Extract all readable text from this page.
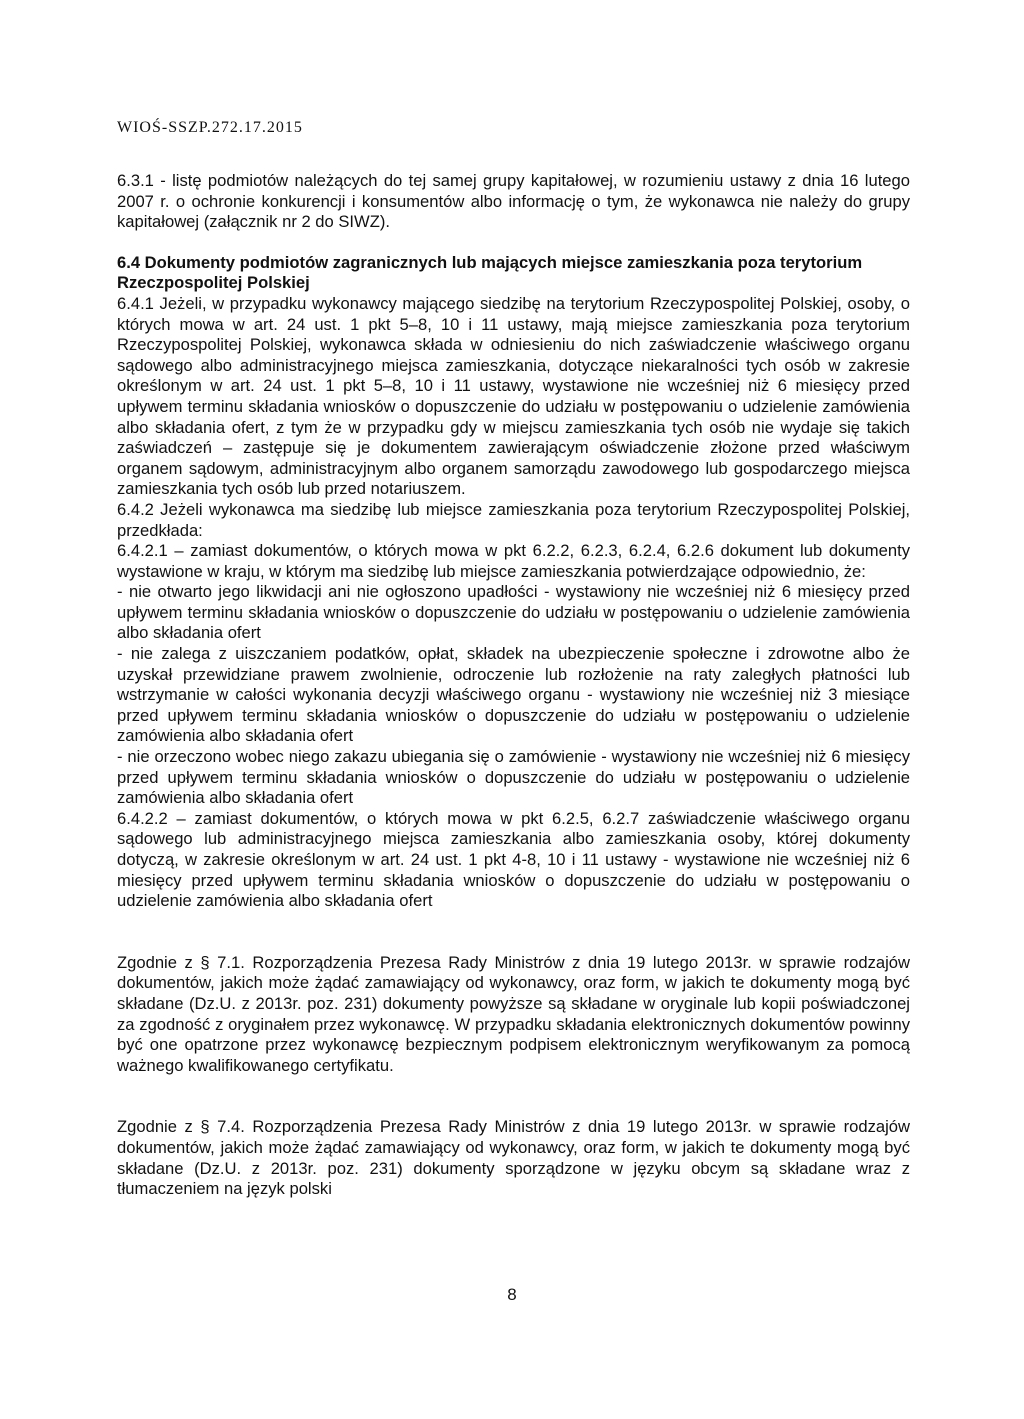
WIOŚ-SSZP.272.17.2015

6.3.1 - listę podmiotów należących do tej samej grupy kapitałowej, w rozumieniu ustawy z dnia 16 lutego 2007 r. o ochronie konkurencji i konsumentów albo informację o tym, że wykonawca nie należy do grupy kapitałowej (załącznik nr 2 do SIWZ).

6.4 Dokumenty podmiotów zagranicznych lub mających miejsce zamieszkania poza terytorium Rzeczpospolitej Polskiej

6.4.1 Jeżeli, w przypadku wykonawcy mającego siedzibę na terytorium Rzeczypospolitej Polskiej, osoby, o których mowa w art. 24 ust. 1 pkt 5–8, 10 i 11 ustawy, mają miejsce zamieszkania poza terytorium Rzeczypospolitej Polskiej, wykonawca składa w odniesieniu do nich zaświadczenie właściwego organu sądowego albo administracyjnego miejsca zamieszkania, dotyczące niekaralności tych osób w zakresie określonym w art. 24 ust. 1 pkt 5–8, 10 i 11 ustawy, wystawione nie wcześniej niż 6 miesięcy przed upływem terminu składania wniosków o dopuszczenie do udziału w postępowaniu o udzielenie zamówienia albo składania ofert, z tym że w przypadku gdy w miejscu zamieszkania tych osób nie wydaje się takich zaświadczeń – zastępuje się je dokumentem zawierającym oświadczenie złożone przed właściwym organem sądowym, administracyjnym albo organem samorządu zawodowego lub gospodarczego miejsca zamieszkania tych osób lub przed notariuszem.

6.4.2 Jeżeli wykonawca ma siedzibę lub miejsce zamieszkania poza terytorium Rzeczypospolitej Polskiej, przedkłada:

6.4.2.1 – zamiast dokumentów, o których mowa w pkt 6.2.2, 6.2.3, 6.2.4, 6.2.6 dokument lub dokumenty wystawione w kraju, w którym ma siedzibę lub miejsce zamieszkania potwierdzające odpowiednio, że:

- nie otwarto jego likwidacji ani nie ogłoszono upadłości - wystawiony nie wcześniej niż 6 miesięcy przed upływem terminu składania wniosków o dopuszczenie do udziału w postępowaniu o udzielenie zamówienia albo składania ofert

- nie zalega z uiszczaniem podatków, opłat, składek na ubezpieczenie społeczne i zdrowotne albo że uzyskał przewidziane prawem zwolnienie, odroczenie lub rozłożenie na raty zaległych płatności lub wstrzymanie w całości wykonania decyzji właściwego organu - wystawiony nie wcześniej niż 3 miesiące przed upływem terminu składania wniosków o dopuszczenie do udziału w postępowaniu o udzielenie zamówienia albo składania ofert

- nie orzeczono wobec niego zakazu ubiegania się o zamówienie - wystawiony nie wcześniej niż 6 miesięcy przed upływem terminu składania wniosków o dopuszczenie do udziału w postępowaniu o udzielenie zamówienia albo składania ofert

6.4.2.2 – zamiast dokumentów, o których mowa w pkt 6.2.5, 6.2.7 zaświadczenie właściwego organu sądowego lub administracyjnego miejsca zamieszkania albo zamieszkania osoby, której dokumenty dotyczą, w zakresie określonym w art. 24 ust. 1 pkt 4-8, 10 i 11 ustawy - wystawione nie wcześniej niż 6 miesięcy przed upływem terminu składania wniosków o dopuszczenie do udziału w postępowaniu o udzielenie zamówienia albo składania ofert

Zgodnie z § 7.1. Rozporządzenia Prezesa Rady Ministrów z dnia 19 lutego 2013r. w sprawie rodzajów dokumentów, jakich może żądać zamawiający od wykonawcy, oraz form, w jakich te dokumenty mogą być składane (Dz.U. z 2013r. poz. 231) dokumenty powyższe są składane w oryginale lub kopii poświadczonej za zgodność z oryginałem przez wykonawcę. W przypadku składania elektronicznych dokumentów powinny być one opatrzone przez wykonawcę bezpiecznym podpisem elektronicznym weryfikowanym za pomocą ważnego kwalifikowanego certyfikatu.

Zgodnie z § 7.4. Rozporządzenia Prezesa Rady Ministrów z dnia 19 lutego 2013r. w sprawie rodzajów dokumentów, jakich może żądać zamawiający od wykonawcy, oraz form, w jakich te dokumenty mogą być składane (Dz.U. z 2013r. poz. 231) dokumenty sporządzone w języku obcym są składane wraz z tłumaczeniem na język polski

8
